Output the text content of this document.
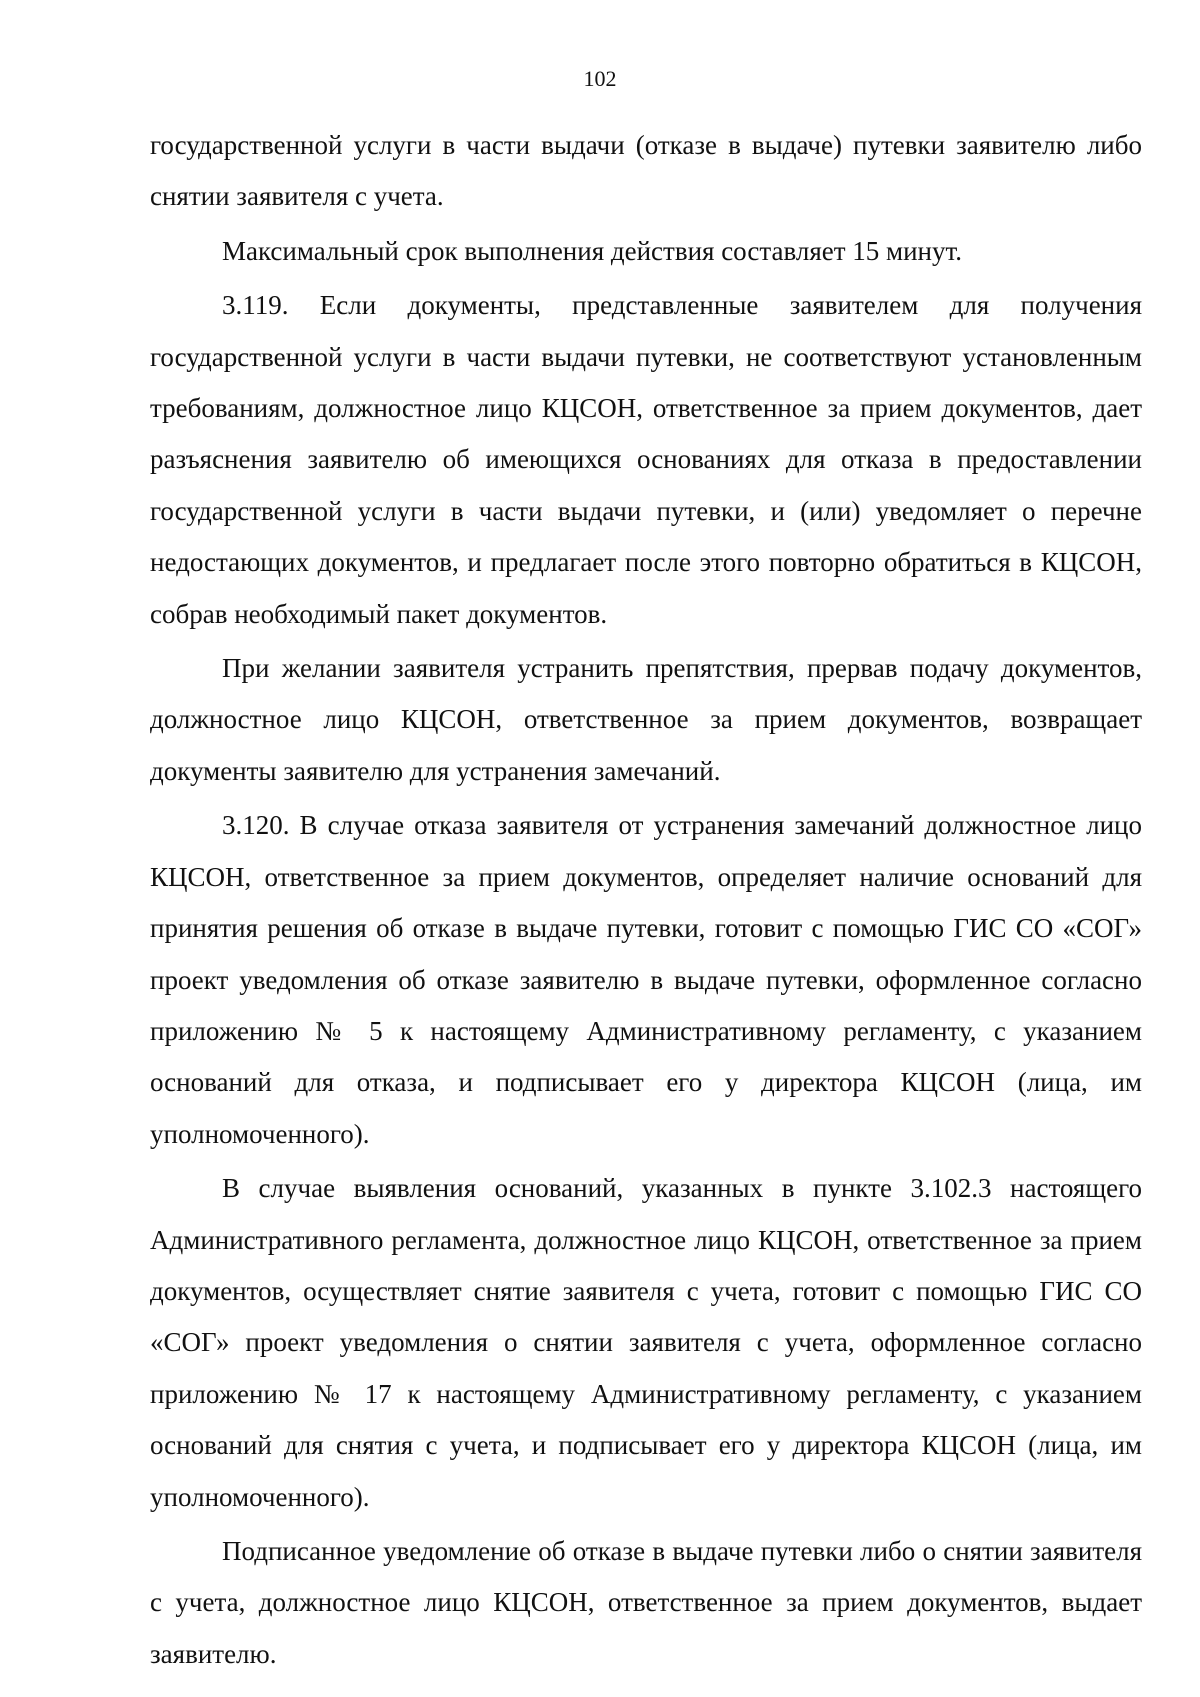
102

государственной услуги в части выдачи (отказе в выдаче) путевки заявителю либо снятии заявителя с учета.

Максимальный срок выполнения действия составляет 15 минут.

3.119. Если документы, представленные заявителем для получения государственной услуги в части выдачи путевки, не соответствуют установленным требованиям, должностное лицо КЦСОН, ответственное за прием документов, дает разъяснения заявителю об имеющихся основаниях для отказа в предоставлении государственной услуги в части выдачи путевки, и (или) уведомляет о перечне недостающих документов, и предлагает после этого повторно обратиться в КЦСОН, собрав необходимый пакет документов.

При желании заявителя устранить препятствия, прервав подачу документов, должностное лицо КЦСОН, ответственное за прием документов, возвращает документы заявителю для устранения замечаний.

3.120. В случае отказа заявителя от устранения замечаний должностное лицо КЦСОН, ответственное за прием документов, определяет наличие оснований для принятия решения об отказе в выдаче путевки, готовит с помощью ГИС СО «СОГ» проект уведомления об отказе заявителю в выдаче путевки, оформленное согласно приложению № 5 к настоящему Административному регламенту, с указанием оснований для отказа, и подписывает его у директора КЦСОН (лица, им уполномоченного).

В случае выявления оснований, указанных в пункте 3.102.3 настоящего Административного регламента, должностное лицо КЦСОН, ответственное за прием документов, осуществляет снятие заявителя с учета, готовит с помощью ГИС СО «СОГ» проект уведомления о снятии заявителя с учета, оформленное согласно приложению № 17 к настоящему Административному регламенту, с указанием оснований для снятия с учета, и подписывает его у директора КЦСОН (лица, им уполномоченного).

Подписанное уведомление об отказе в выдаче путевки либо о снятии заявителя с учета, должностное лицо КЦСОН, ответственное за прием документов, выдает заявителю.
